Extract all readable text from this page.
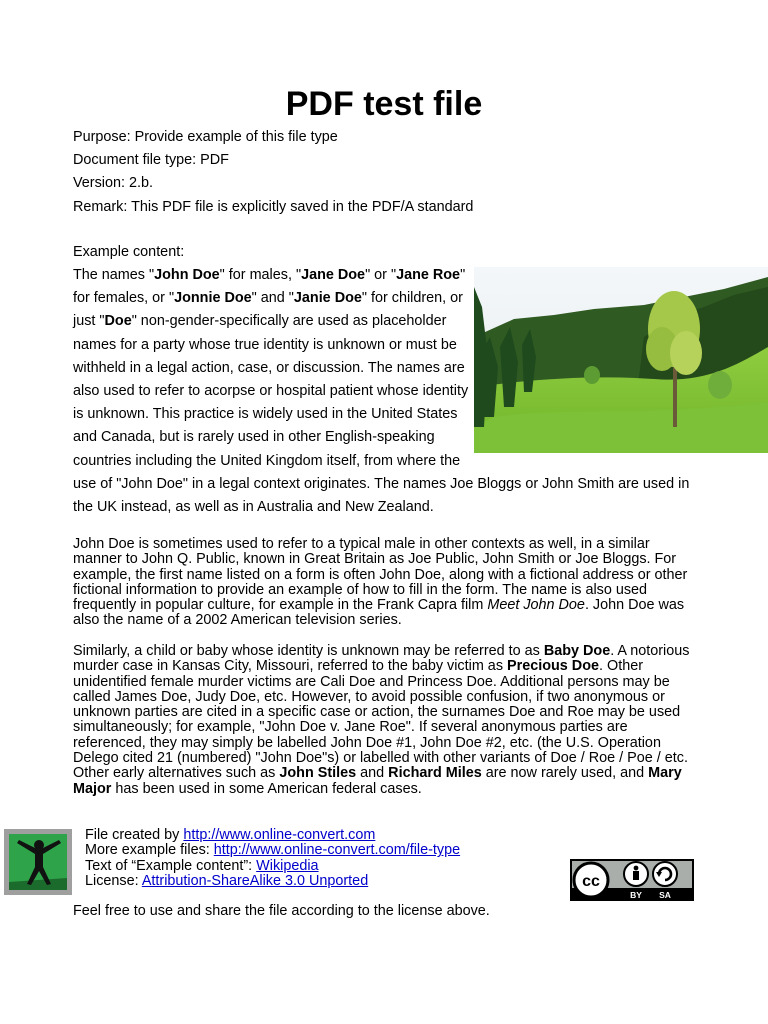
PDF test file
Purpose: Provide example of this file type
Document file type: PDF
Version: 2.b.
Remark: This PDF file is explicitly saved in the PDF/A standard
Example content:

The names "John Doe" for males, "Jane Doe" or "Jane Roe" for females, or "Jonnie Doe" and "Janie Doe" for children, or just "Doe" non-gender-specifically are used as placeholder names for a party whose true identity is unknown or must be withheld in a legal action, case, or discussion. The names are also used to refer to acorpse or hospital patient whose identity is unknown. This practice is widely used in the United States and Canada, but is rarely used in other English-speaking countries including the United Kingdom itself, from where the use of "John Doe" in a legal context originates. The names Joe Bloggs or John Smith are used in the UK instead, as well as in Australia and New Zealand.

John Doe is sometimes used to refer to a typical male in other contexts as well, in a similar manner to John Q. Public, known in Great Britain as Joe Public, John Smith or Joe Bloggs. For example, the first name listed on a form is often John Doe, along with a fictional address or other fictional information to provide an example of how to fill in the form. The name is also used frequently in popular culture, for example in the Frank Capra film Meet John Doe. John Doe was also the name of a 2002 American television series.

Similarly, a child or baby whose identity is unknown may be referred to as Baby Doe. A notorious murder case in Kansas City, Missouri, referred to the baby victim as Precious Doe. Other unidentified female murder victims are Cali Doe and Princess Doe. Additional persons may be called James Doe, Judy Doe, etc. However, to avoid possible confusion, if two anonymous or unknown parties are cited in a specific case or action, the surnames Doe and Roe may be used simultaneously; for example, "John Doe v. Jane Roe". If several anonymous parties are referenced, they may simply be labelled John Doe #1, John Doe #2, etc. (the U.S. Operation Delego cited 21 (numbered) "John Doe"s) or labelled with other variants of Doe / Roe / Poe / etc. Other early alternatives such as John Stiles and Richard Miles are now rarely used, and Mary Major has been used in some American federal cases.

File created by http://www.online-convert.com
More example files: http://www.online-convert.com/file-type
Text of “Example content”: Wikipedia
License: Attribution-ShareAlike 3.0 Unported	cc
BY SA
Feel free to use and share the file according to the license above.
